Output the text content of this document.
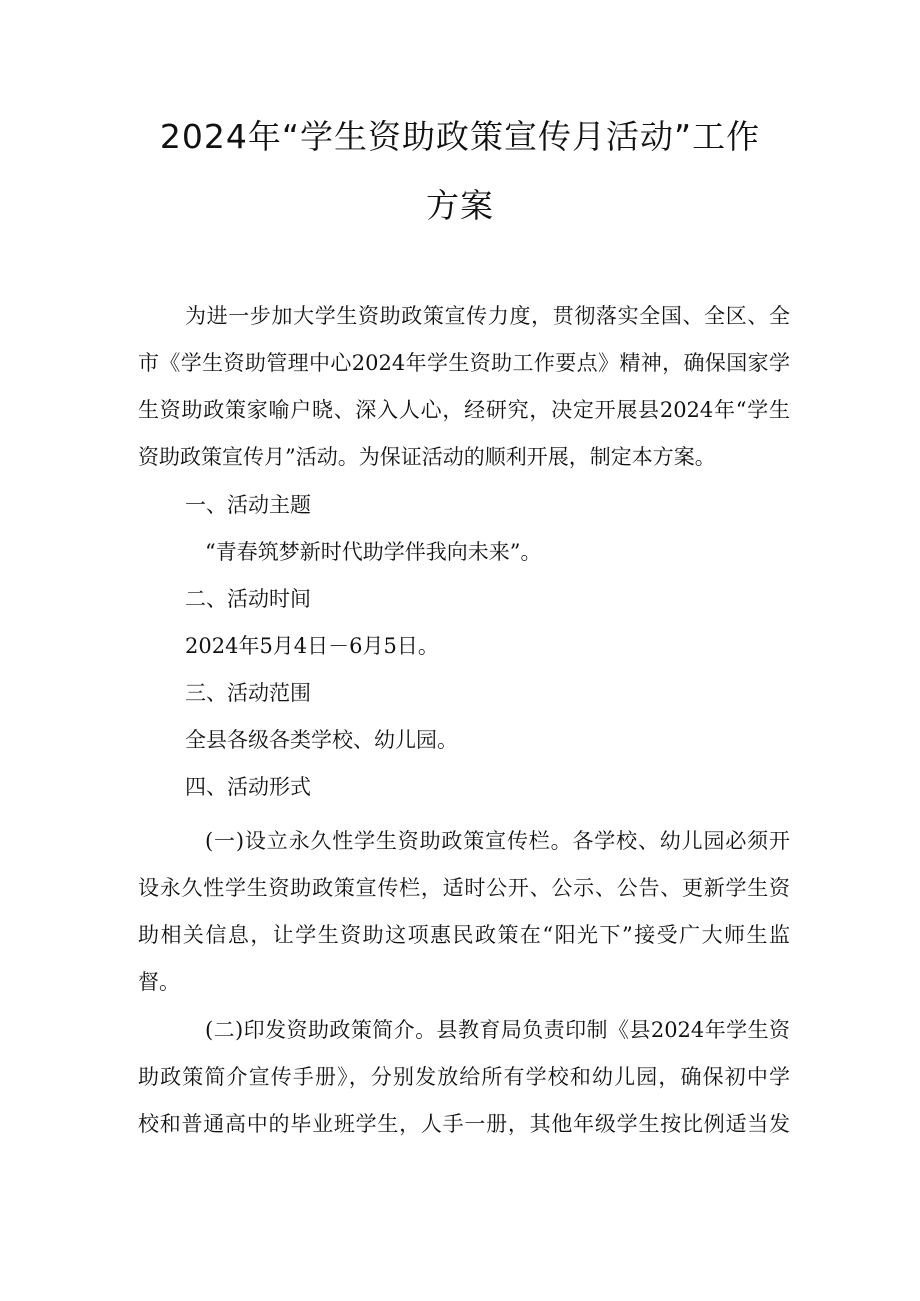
2024年“学生资助政策宣传月活动”工作
方案
为进一步加大学生资助政策宣传力度，贯彻落实全国、全区、全
市《学生资助管理中心2024年学生资助工作要点》精神，确保国家学
生资助政策家喻户晓、深入人心，经研究，决定开展县2024年“学生
资助政策宣传月”活动。为保证活动的顺利开展，制定本方案。
一、活动主题
“青春筑梦新时代助学伴我向未来”。
二、活动时间
2024年5月4日－6月5日。
三、活动范围
全县各级各类学校、幼儿园。
四、活动形式
(一)设立永久性学生资助政策宣传栏。各学校、幼儿园必须开
设永久性学生资助政策宣传栏，适时公开、公示、公告、更新学生资
助相关信息，让学生资助这项惠民政策在“阳光下”接受广大师生监
督。
(二)印发资助政策简介。县教育局负责印制《县2024年学生资
助政策简介宣传手册》，分别发放给所有学校和幼儿园，确保初中学
校和普通高中的毕业班学生，人手一册，其他年级学生按比例适当发
